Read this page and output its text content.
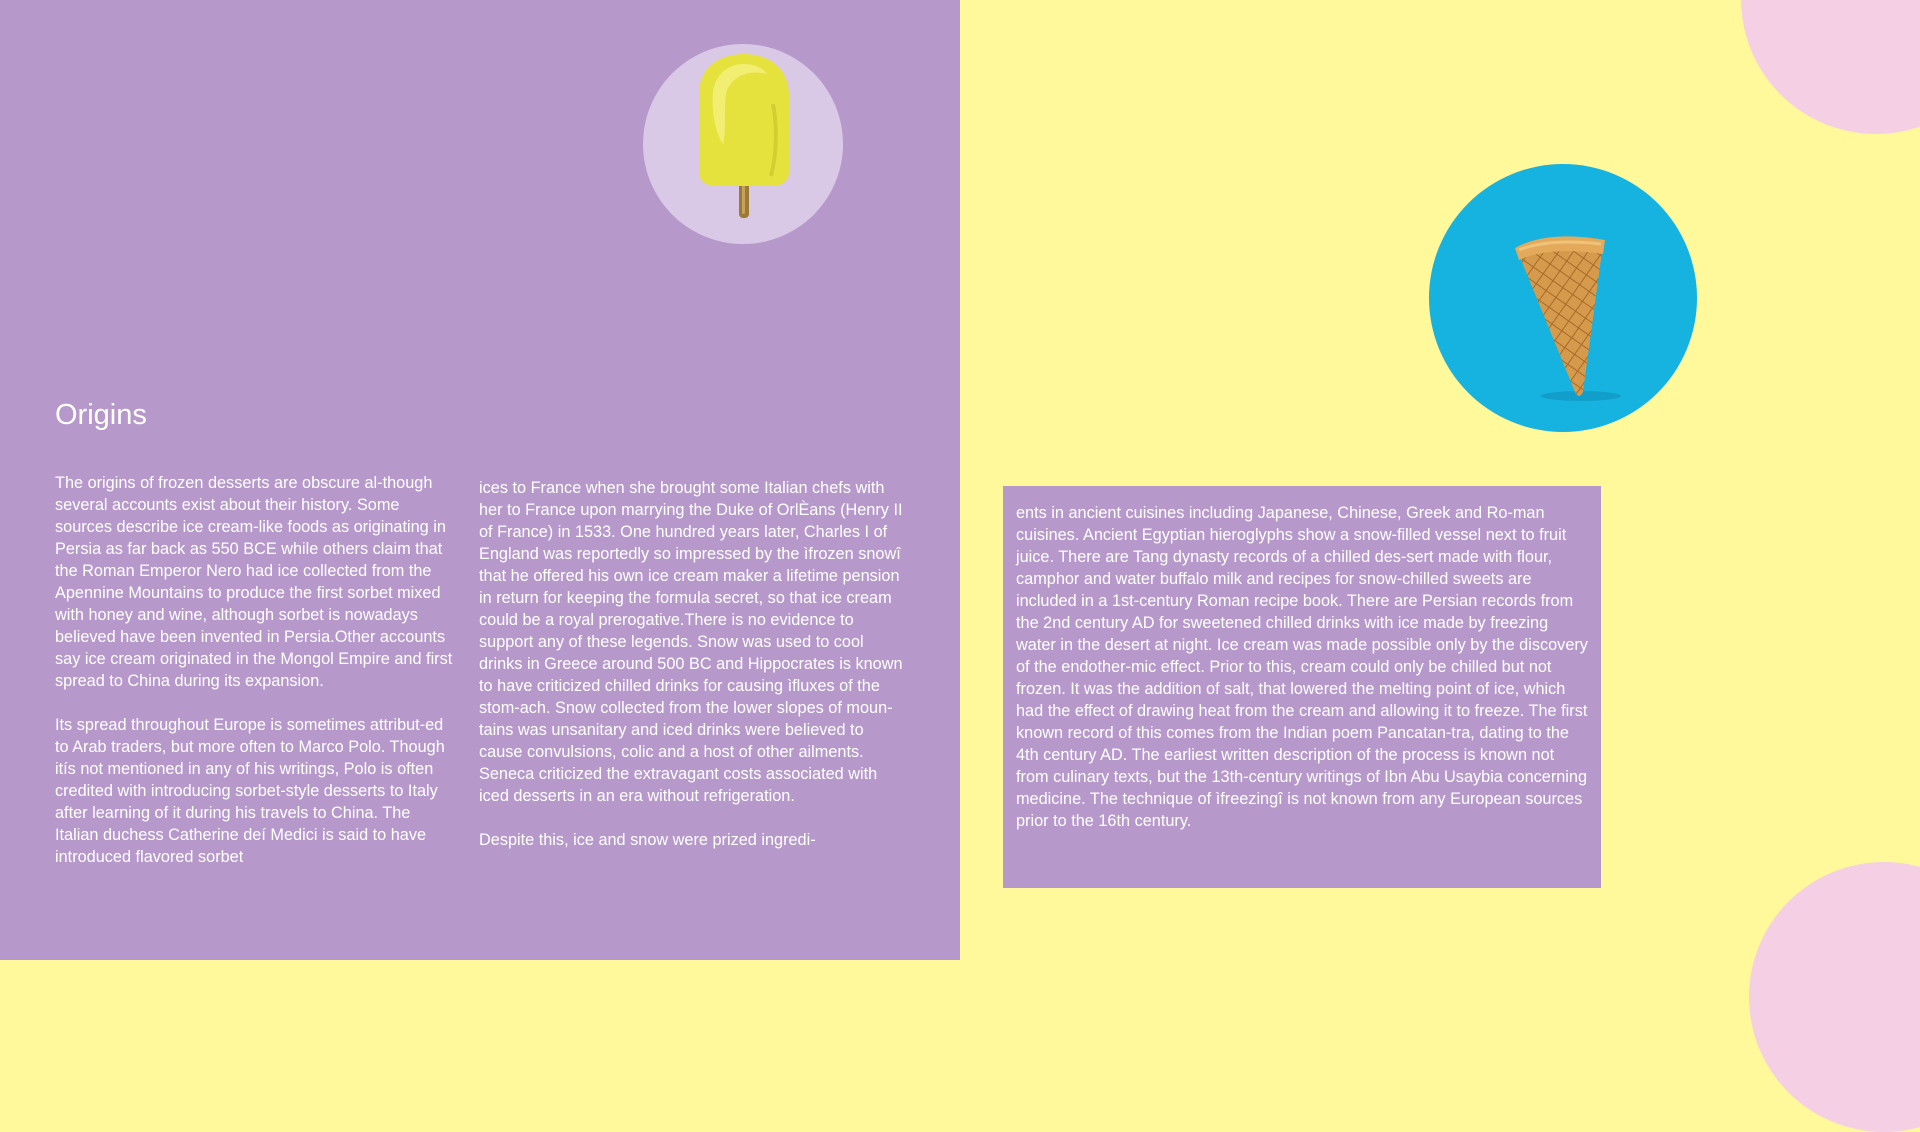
Origins

The origins of frozen desserts are obscure al-though several accounts exist about their history. Some sources describe ice cream-like foods as originating in Persia as far back as 550 BCE while others claim that the Roman Emperor Nero had ice collected from the Apennine Mountains to produce the first sorbet mixed with honey and wine, although sorbet is nowadays believed have been invented in Persia.Other accounts say ice cream originated in the Mongol Empire and first spread to China during its expansion.

Its spread throughout Europe is sometimes attribut-ed to Arab traders, but more often to Marco Polo. Though itís not mentioned in any of his writings, Polo is often credited with introducing sorbet-style desserts to Italy after learning of it during his travels to China. The Italian duchess Catherine deí Medici is said to have introduced flavored sorbet

ices to France when she brought some Italian chefs with her to France upon marrying the Duke of OrlÈans (Henry II of France) in 1533. One hundred years later, Charles I of England was reportedly so impressed by the ìfrozen snowî that he offered his own ice cream maker a lifetime pension in return for keeping the formula secret, so that ice cream could be a royal prerogative.There is no evidence to support any of these legends. Snow was used to cool drinks in Greece around 500 BC and Hippocrates is known to have criticized chilled drinks for causing ìfluxes of the stom-ach. Snow collected from the lower slopes of moun-tains was unsanitary and iced drinks were believed to cause convulsions, colic and a host of other ailments. Seneca criticized the extravagant costs associated with iced desserts in an era without refrigeration.

Despite this, ice and snow were prized ingredi-

ents in ancient cuisines including Japanese, Chinese, Greek and Ro-man cuisines. Ancient Egyptian hieroglyphs show a snow-filled vessel next to fruit juice. There are Tang dynasty records of a chilled des-sert made with flour, camphor and water buffalo milk and recipes for snow-chilled sweets are included in a 1st-century Roman recipe book. There are Persian records from the 2nd century AD for sweetened chilled drinks with ice made by freezing water in the desert at night. Ice cream was made possible only by the discovery of the endother-mic effect. Prior to this, cream could only be chilled but not frozen. It was the addition of salt, that lowered the melting point of ice, which had the effect of drawing heat from the cream and allowing it to freeze. The first known record of this comes from the Indian poem Pancatan-tra, dating to the 4th century AD. The earliest written description of the process is known not from culinary texts, but the 13th-century writings of Ibn Abu Usaybia concerning medicine. The technique of ìfreezingî is not known from any European sources prior to the 16th century.
